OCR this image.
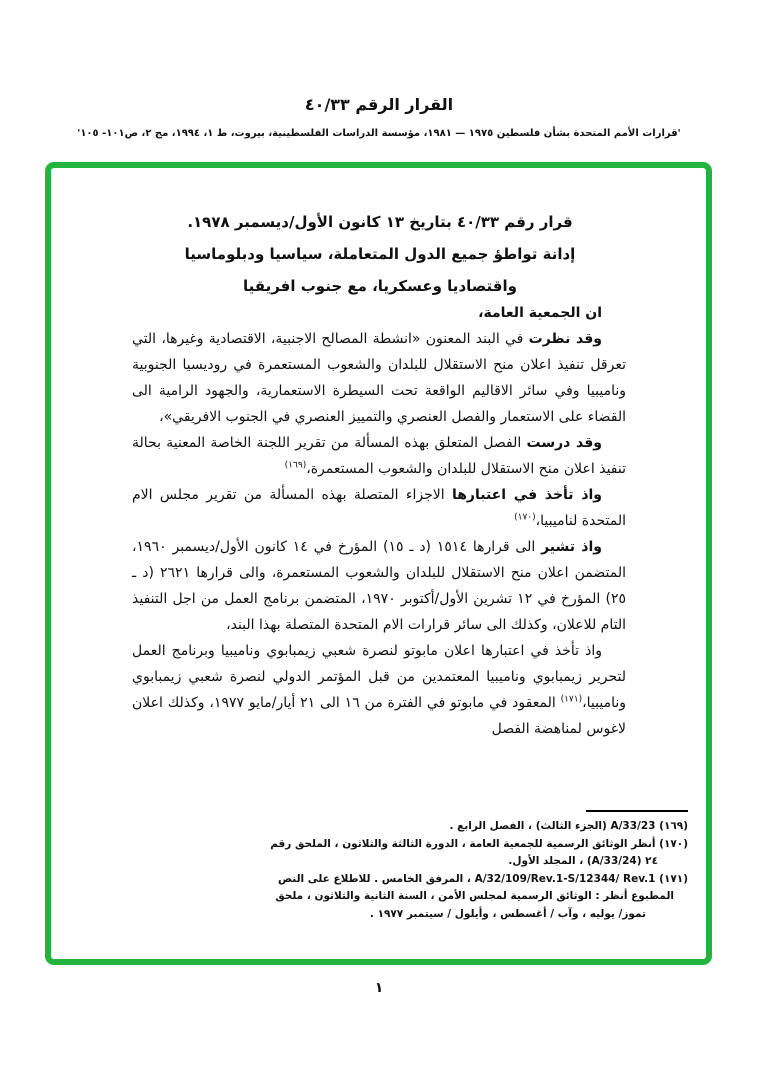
القرار الرقم ٤٠/٣٣
'قرارات الأمم المتحدة بشأن فلسطين ١٩٧٥ — ١٩٨١، مؤسسة الدراسات الفلسطينية، بيروت، ط ١، ١٩٩٤، مج ٢، ص١٠١- ١٠٥'
قرار رقم ٤٠/٣٣ بتاريخ ١٣ كانون الأول/ديسمبر ١٩٧٨.
إدانة تواطؤ جميع الدول المتعاملة، سياسيا ودبلوماسيا
واقتصاديا وعسكريا، مع جنوب افريقيا

ان الجمعية العامة،

وقد نظرت في البند المعنون «انشطة المصالح الاجنبية، الاقتصادية وغيرها، التي تعرقل تنفيذ اعلان منح الاستقلال للبلدان والشعوب المستعمرة في روديسيا الجنوبية وناميبيا وفي سائر الاقاليم الواقعة تحت السيطرة الاستعمارية، والجهود الرامية الى القضاء على الاستعمار والفصل العنصري والتمييز العنصري في الجنوب الافريقي»،

وقد درست الفصل المتعلق بهذه المسألة من تقرير اللجنة الخاصة المعنية بحالة تنفيذ اعلان منح الاستقلال للبلدان والشعوب المستعمرة،$^{(١٦٩)}$

واذ تأخذ في اعتبارها الاجزاء المتصلة بهذه المسألة من تقرير مجلس الام المتحدة لناميبيا،$^{(١٧٠)}$

واذ تشير الى قرارها ١٥١٤ (د ـ ١٥) المؤرخ في ١٤ كانون الأول/ديسمبر ١٩٦٠، المتضمن اعلان منح الاستقلال للبلدان والشعوب المستعمرة، والى قرارها ٢٦٢١ (د ـ ٢٥) المؤرخ في ١٢ تشرين الأول/أكتوبر ١٩٧٠، المتضمن برنامج العمل من اجل التنفيذ التام للاعلان، وكذلك الى سائر قرارات الام المتحدة المتصلة بهذا البند،

واذ تأخذ في اعتبارها اعلان مابوتو لنصرة شعبي زيمبابوي وناميبيا وبرنامج العمل لتحرير زيمبابوي وناميبيا المعتمدين من قبل المؤتمر الدولي لنصرة شعبي زيمبابوي وناميبيا،$^{(١٧١)}$ المعقود في مابوتو في الفترة من ١٦ الى ٢١ أيار/مايو ١٩٧٧، وكذلك اعلان لاغوس لمناهضة الفصل

(١٦٩) A/33/23 (الجزء الثالث) ، الفصل الرابع .
(١٧٠) أنظر الوثائق الرسمية للجمعية العامة ، الدورة الثالثة والثلاثون ، الملحق رقم
٢٤ (A/33/24) ، المجلد الأول.
(١٧١) A/32/109/Rev.1-S/12344/ Rev.1 ، المرفق الخامس . للاطلاع على النص
المطبوع أنظر : الوثائق الرسمية لمجلس الأمن ، السنة الثانية والثلاثون ، ملحق
تموز/ يوليه ، وآب / أغسطس ، وأيلول / سيتمبر ١٩٧٧ .
١
